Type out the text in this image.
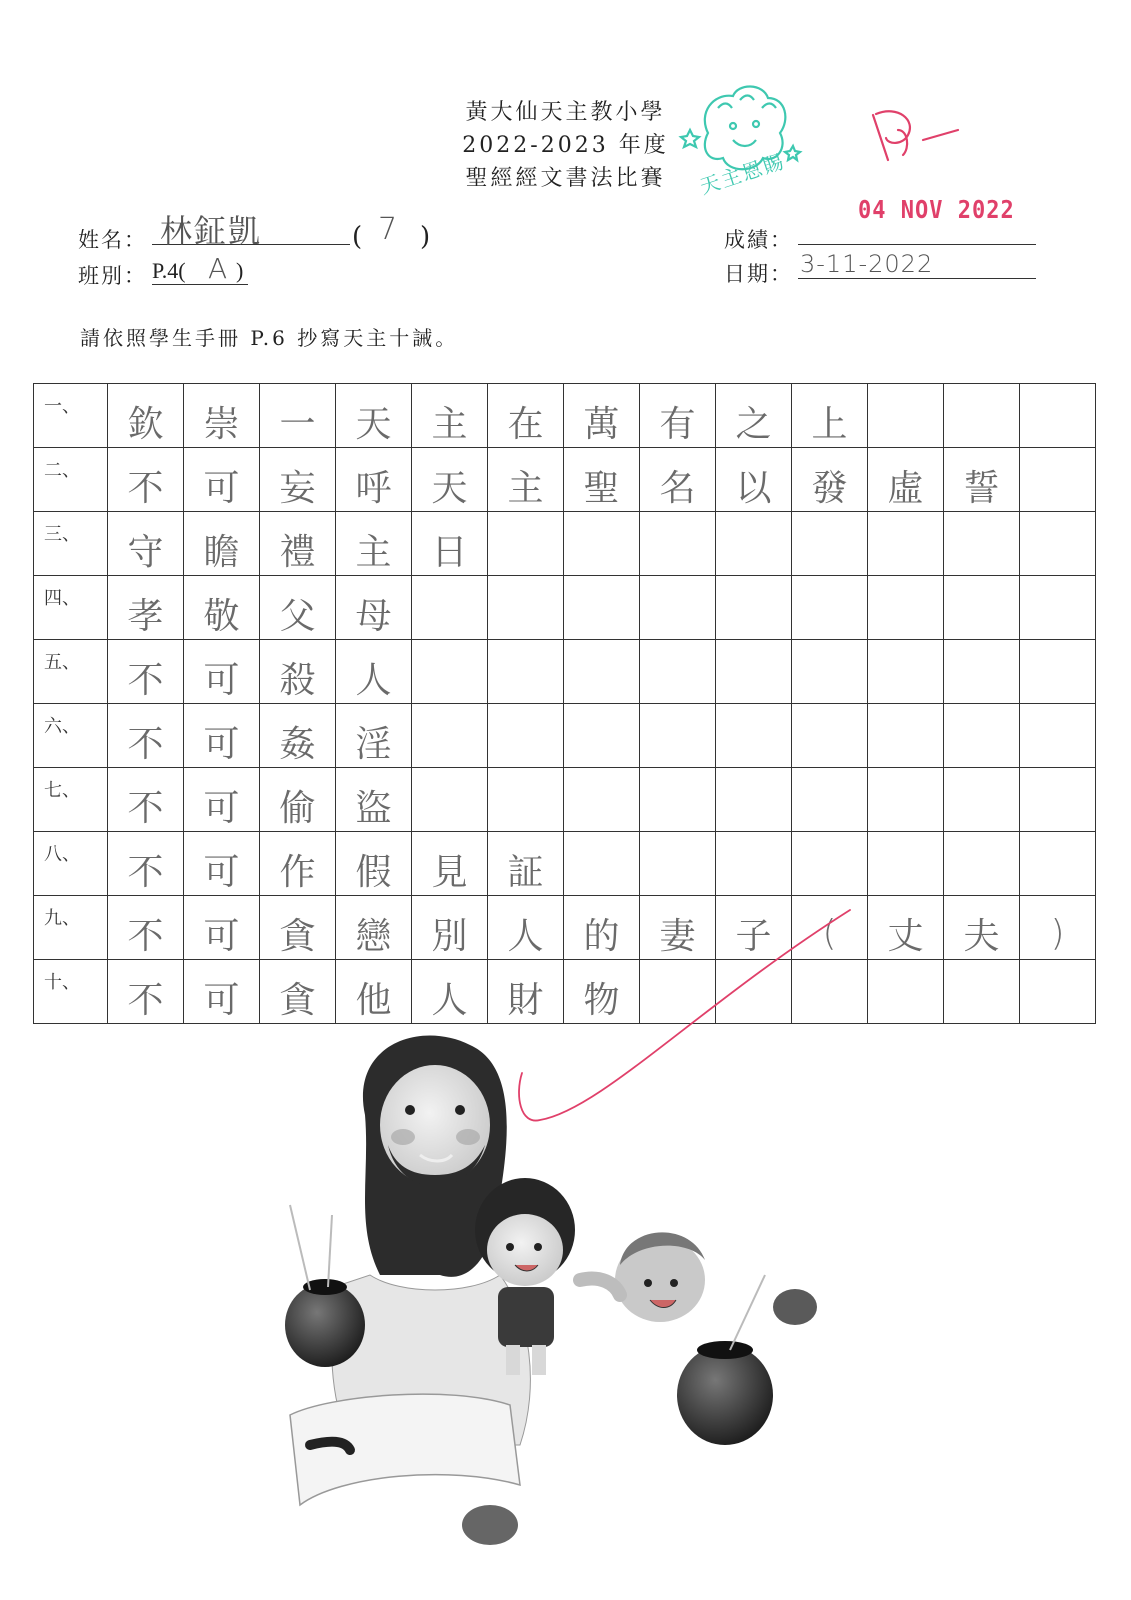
黃大仙天主教小學
2022-2023 年度
聖經經文書法比賽	天主恩賜
04 NOV 2022
姓名： 林鉦凱	( 7 )
班別： P.4( A )
成績：
日期： 3-11-2022
請依照學生手冊 P.6 抄寫天主十誡。
一、	欽	崇	一	天	主	在	萬	有	之	上			
二、	不	可	妄	呼	天	主	聖	名	以	發	虛	誓	
三、	守	瞻	禮	主	日								
四、	孝	敬	父	母									
五、	不	可	殺	人									
六、	不	可	姦	淫									
七、	不	可	偷	盜									
八、	不	可	作	假	見	証							
九、	不	可	貪	戀	別	人	的	妻	子	(	丈	夫	)
十、	不	可	貪	他	人	財	物						
